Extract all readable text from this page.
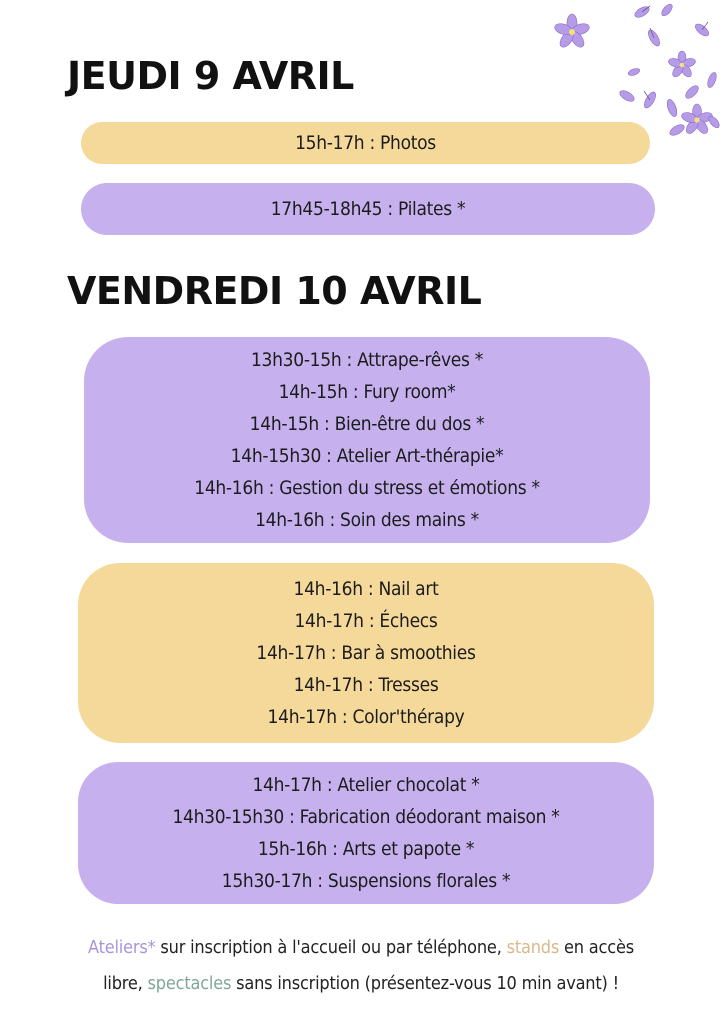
JEUDI 9 AVRIL
15h-17h : Photos
17h45-18h45 : Pilates *
VENDREDI 10 AVRIL
13h30-15h : Attrape-rêves *
14h-15h : Fury room*
14h-15h : Bien-être du dos *
14h-15h30 : Atelier Art-thérapie*
14h-16h : Gestion du stress et émotions *
14h-16h : Soin des mains *
14h-16h : Nail art
14h-17h : Échecs
14h-17h : Bar à smoothies
14h-17h : Tresses
14h-17h : Color'thérapy
14h-17h : Atelier chocolat *
14h30-15h30 : Fabrication déodorant maison *
15h-16h : Arts et papote *
15h30-17h : Suspensions florales *

Ateliers* sur inscription à l'accueil ou par téléphone, stands en accès

libre, spectacles sans inscription (présentez-vous 10 min avant) !
